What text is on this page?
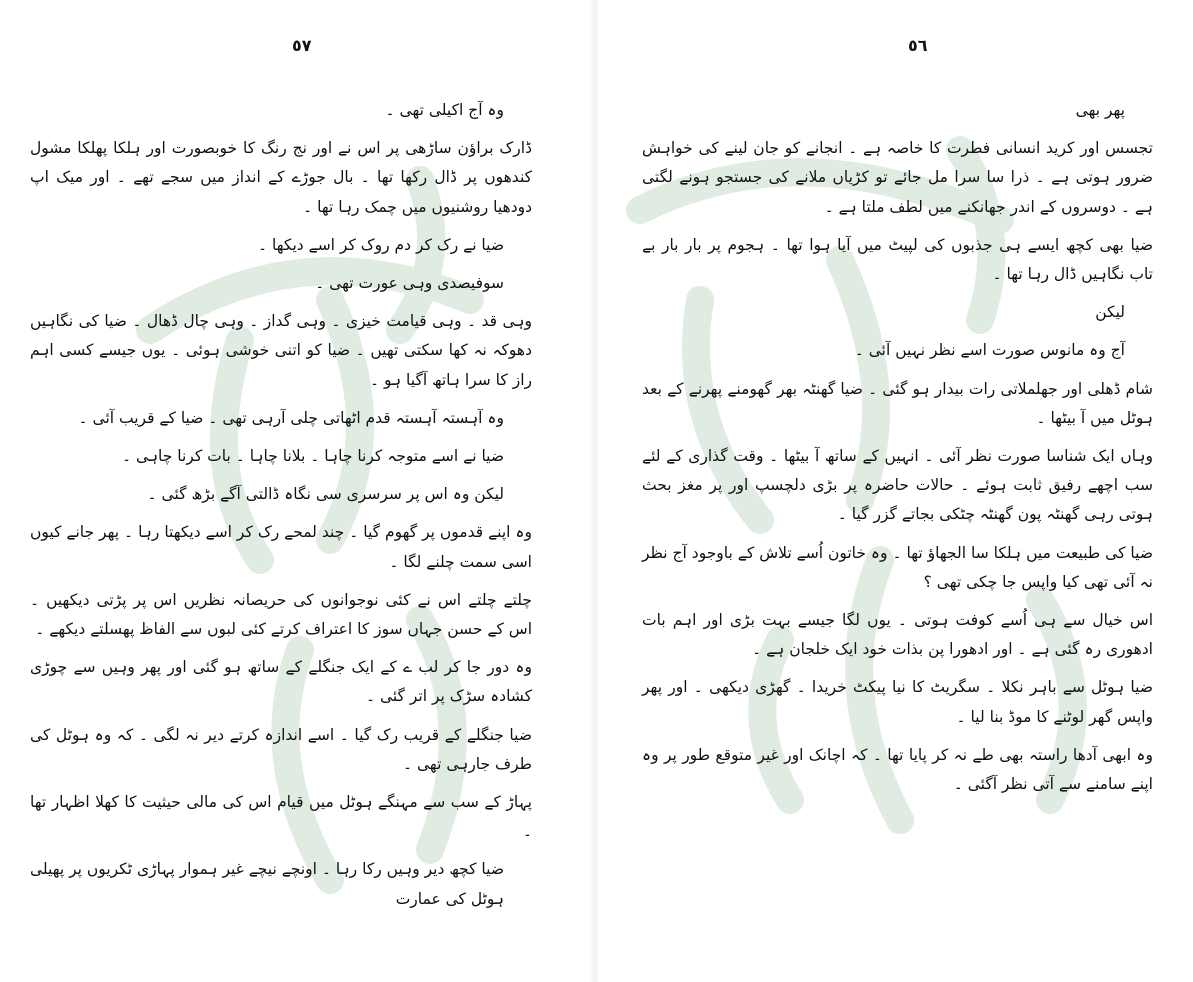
٥٧

وہ آج اکیلی تھی ۔

ڈارک براؤن ساڑھی پر اس نے اور نج رنگ کا خوبصورت اور ہلکا پھلکا مشول کندھوں پر ڈال رکھا تھا ۔ بال جوڑے کے انداز میں سجے تھے ۔ اور میک اپ دودھیا روشنیوں میں چمک رہا تھا ۔

ضیا نے رک کر دم روک کر اسے دیکھا ۔

سوفیصدی وہی عورت تھی ۔

وہی قد ۔ وہی قیامت خیزی ۔ وہی گداز ۔ وہی چال ڈھال ۔ ضیا کی نگاہیں دھوکہ نہ کھا سکتی تھیں ۔ ضیا کو اتنی خوشی ہوئی ۔ یوں جیسے کسی اہم راز کا سرا ہاتھ آگیا ہو ۔

وہ آہستہ آہستہ قدم اٹھاتی چلی آرہی تھی ۔ ضیا کے قریب آئی ۔

ضیا نے اسے متوجہ کرنا چاہا ۔ بلانا چاہا ۔ بات کرنا چاہی ۔

لیکن وہ اس پر سرسری سی نگاہ ڈالتی آگے بڑھ گئی ۔

وہ اپنے قدموں پر گھوم گیا ۔ چند لمحے رک کر اسے دیکھتا رہا ۔ پھر جانے کیوں اسی سمت چلنے لگا ۔

چلتے چلتے اس نے کئی نوجوانوں کی حریصانہ نظریں اس پر پڑتی دیکھیں ۔ اس کے حسن جہاں سوز کا اعتراف کرتے کئی لبوں سے الفاظ پھسلتے دیکھے ۔

وہ دور جا کر لب ے کے ایک جنگلے کے ساتھ ہو گئی اور پھر وہیں سے چوڑی کشادہ سڑک پر اتر گئی ۔

ضیا جنگلے کے قریب رک گیا ۔ اسے اندازہ کرتے دیر نہ لگی ۔ کہ وہ ہوٹل کی طرف جارہی تھی ۔

پہاڑ کے سب سے مہنگے ہوٹل میں قیام اس کی مالی حیثیت کا کھلا اظہار تھا ۔

ضیا کچھ دیر وہیں رکا رہا ۔ اونچے نیچے غیر ہموار پہاڑی ٹکریوں پر پھیلی ہوٹل کی عمارت

٥٦

پھر بھی

تجسس اور کرید انسانی فطرت کا خاصہ ہے ۔ انجانے کو جان لینے کی خواہش ضرور ہوتی ہے ۔ ذرا سا سرا مل جائے تو کڑیاں ملانے کی جستجو ہونے لگتی ہے ۔ دوسروں کے اندر جھانکنے میں لطف ملتا ہے ۔

ضیا بھی کچھ ایسے ہی جذبوں کی لپیٹ میں آیا ہوا تھا ۔ ہجوم پر بار بار بے تاب نگاہیں ڈال رہا تھا ۔

لیکن

آج وہ مانوس صورت اسے نظر نہیں آئی ۔

شام ڈھلی اور جھلملاتی رات بیدار ہو گئی ۔ ضیا گھنٹہ بھر گھومنے پھرنے کے بعد ہوٹل میں آ بیٹھا ۔

وہاں ایک شناسا صورت نظر آئی ۔ انہیں کے ساتھ آ بیٹھا ۔ وقت گذاری کے لئے سب اچھے رفیق ثابت ہوئے ۔ حالات حاضرہ پر بڑی دلچسپ اور پر مغز بحث ہوتی رہی گھنٹہ پون گھنٹہ چٹکی بجاتے گزر گیا ۔

ضیا کی طبیعت میں ہلکا سا الجھاؤ تھا ۔ وہ خاتون اُسے تلاش کے باوجود آج نظر نہ آئی تھی کیا واپس جا چکی تھی ؟

اس خیال سے ہی اُسے کوفت ہوتی ۔ یوں لگا جیسے بہت بڑی اور اہم بات ادھوری رہ گئی ہے ۔ اور ادھورا پن بذات خود ایک خلجان ہے ۔

ضیا ہوٹل سے باہر نکلا ۔ سگریٹ کا نیا پیکٹ خریدا ۔ گھڑی دیکھی ۔ اور پھر واپس گھر لوٹنے کا موڈ بنا لیا ۔

وہ ابھی آدھا راستہ بھی طے نہ کر پایا تھا ۔ کہ اچانک اور غیر متوقع طور پر وہ اپنے سامنے سے آتی نظر آگئی ۔
